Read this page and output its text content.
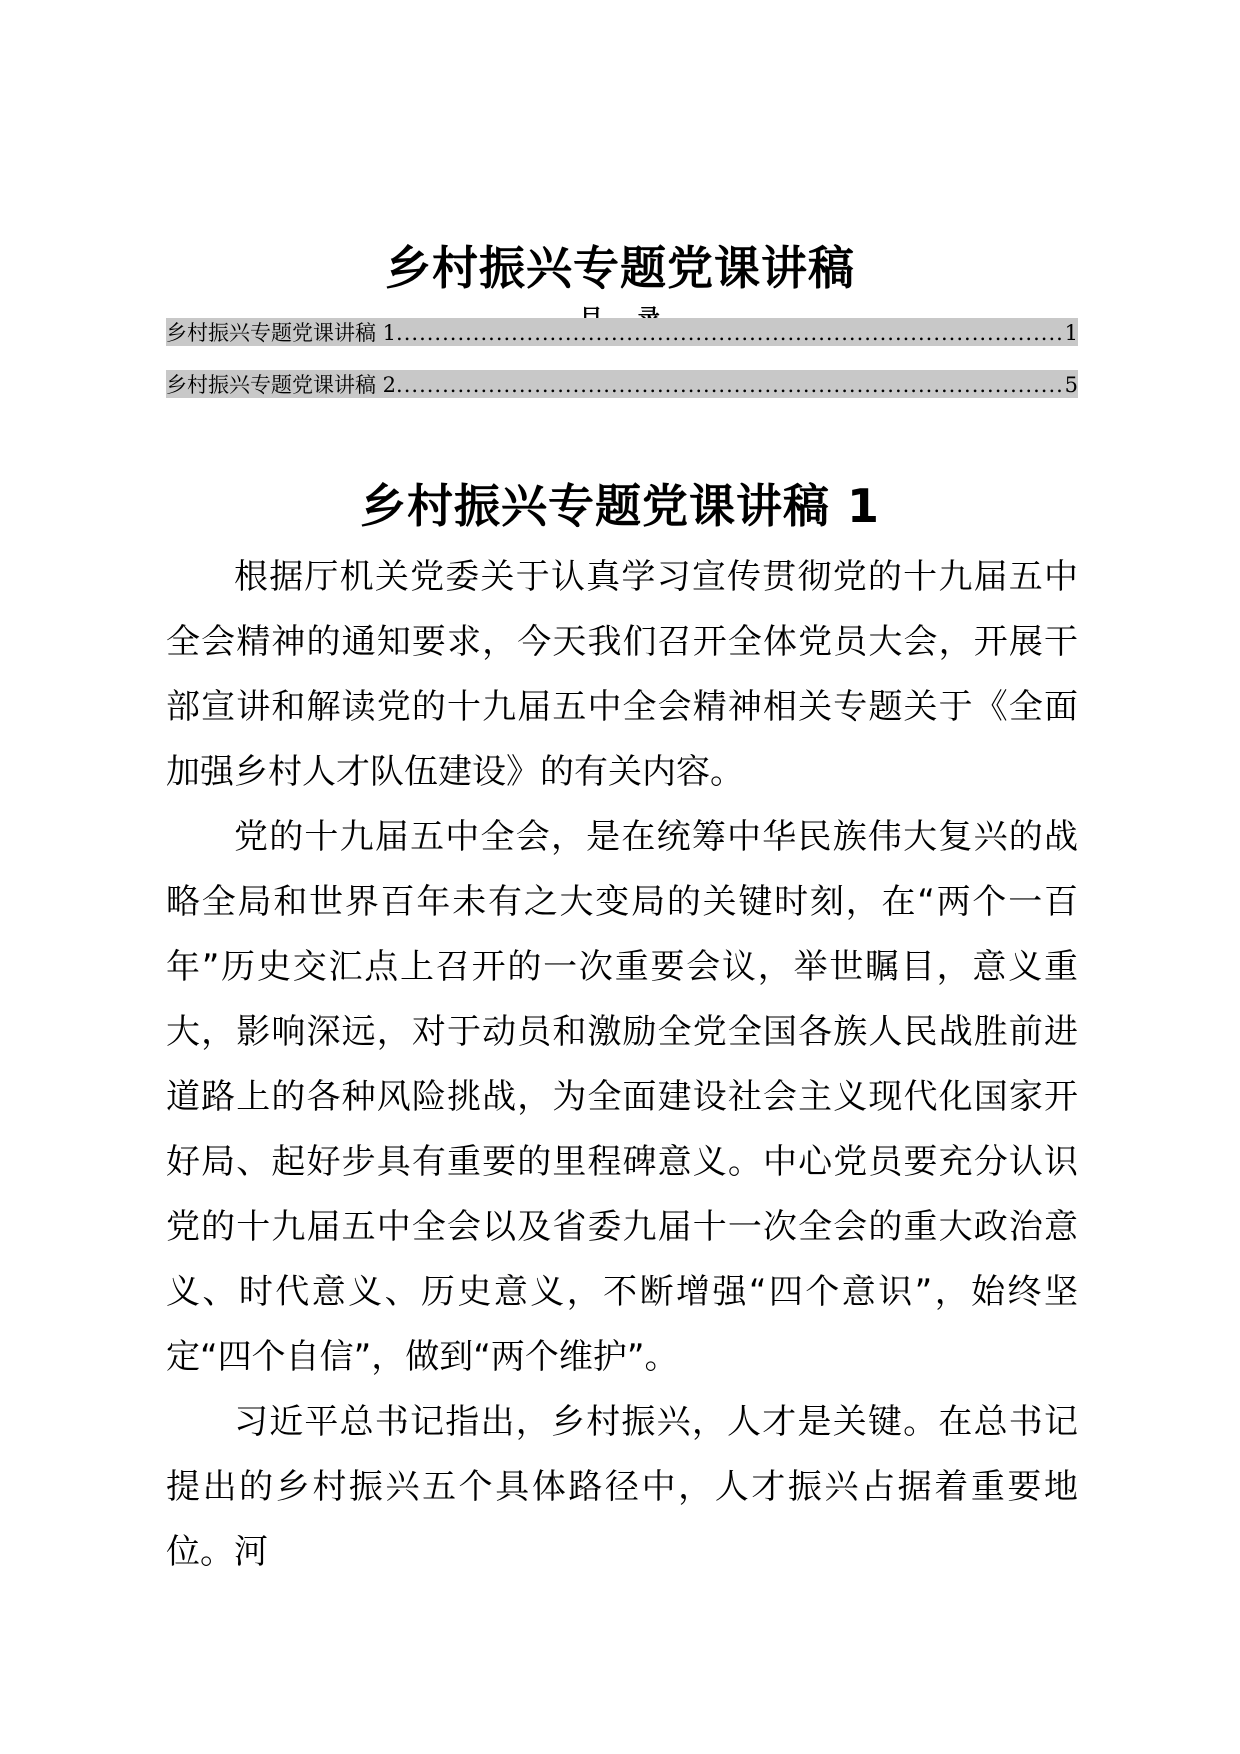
乡村振兴专题党课讲稿
乡村振兴专题党课讲稿 1 .....	1
乡村振兴专题党课讲稿 2 .....	5
乡村振兴专题党课讲稿 1

根据厅机关党委关于认真学习宣传贯彻党的十九届五中全会精神的通知要求，今天我们召开全体党员大会，开展干部宣讲和解读党的十九届五中全会精神相关专题关于《全面加强乡村人才队伍建设》的有关内容。

党的十九届五中全会，是在统筹中华民族伟大复兴的战略全局和世界百年未有之大变局的关键时刻，在“两个一百年”历史交汇点上召开的一次重要会议，举世瞩目，意义重大，影响深远，对于动员和激励全党全国各族人民战胜前进道路上的各种风险挑战，为全面建设社会主义现代化国家开好局、起好步具有重要的里程碑意义。中心党员要充分认识党的十九届五中全会以及省委九届十一次全会的重大政治意义、时代意义、历史意义，不断增强“四个意识”，始终坚定“四个自信”，做到“两个维护”。

习近平总书记指出，乡村振兴，人才是关键。在总书记提出的乡村振兴五个具体路径中，人才振兴占据着重要地位。河
